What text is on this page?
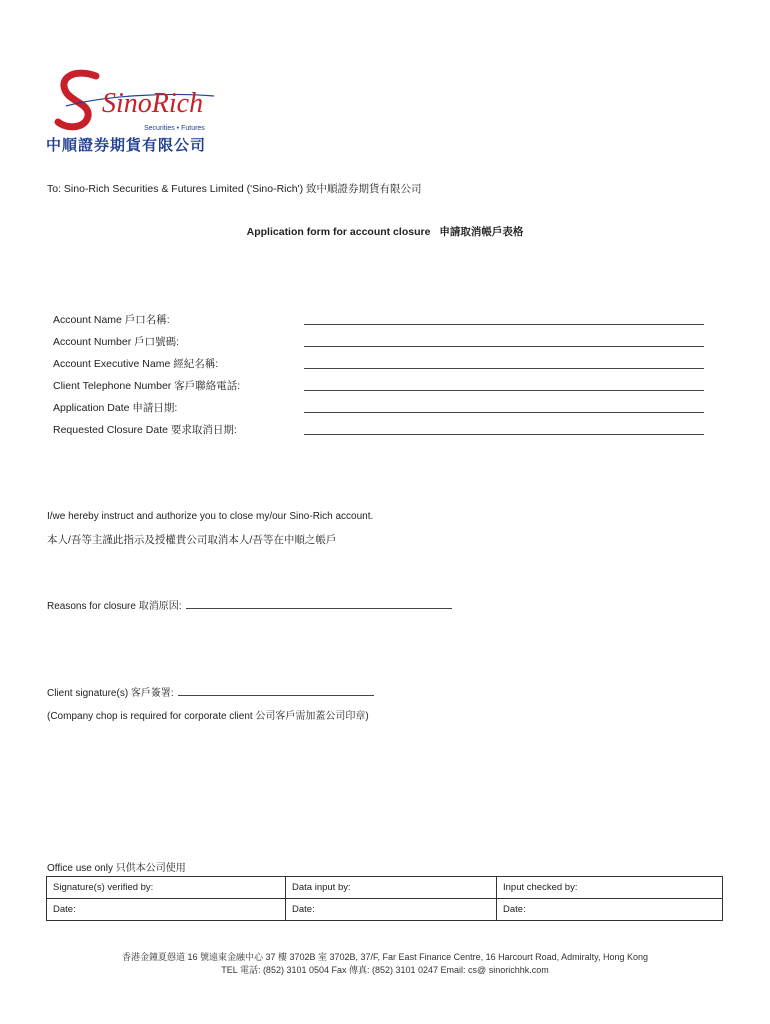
SinoRich
Securities • Futures
中順證券期貨有限公司
To: Sino-Rich Securities & Futures Limited ('Sino-Rich') 致中順證券期貨有限公司
Application form for account closure 申請取消帳戶表格
Account Name 戶口名稱:
Account Number 戶口號碼:
Account Executive Name 經紀名稱:
Client Telephone Number 客戶聯絡電話:
Application Date 申請日期:
Requested Closure Date 要求取消日期:
I/we hereby instruct and authorize you to close my/our Sino-Rich account.
本人/吾等主謹此指示及授權貴公司取消本人/吾等在中順之帳戶
Reasons for closure 取消原因:
Client signature(s) 客戶簽署:
(Company chop is required for corporate client 公司客戶需加蓋公司印章)
Office use only 只供本公司使用
Signature(s) verified by:	Data input by:	Input checked by:
Date:	Date:	Date:
香港金鐘夏慤道 16 號遠東金融中心 37 樓 3702B 室 3702B, 37/F, Far East Finance Centre, 16 Harcourt Road, Admiralty, Hong Kong
TEL 電話: (852) 3101 0504 Fax 傳真: (852) 3101 0247 Email: cs@ sinorichhk.com
